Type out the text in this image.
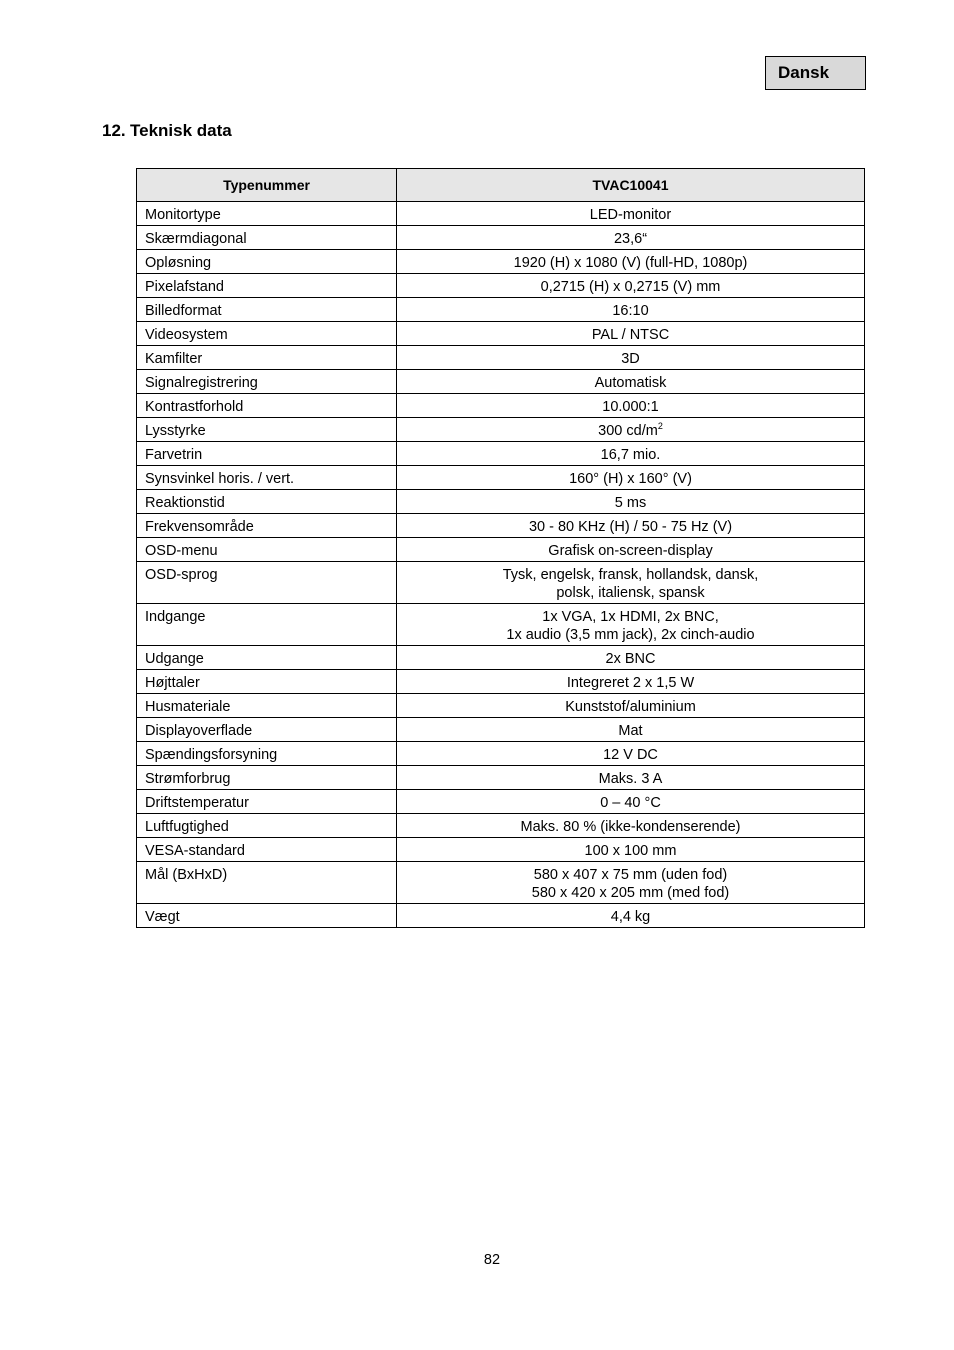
Dansk
12. Teknisk data
Typenummer	TVAC10041
Monitortype	LED-monitor

Skærmdiagonal	23,6“

Opløsning	1920 (H) x 1080 (V) (full-HD, 1080p)

Pixelafstand	0,2715 (H) x 0,2715 (V) mm

Billedformat	16:10

Videosystem	PAL / NTSC

Kamfilter	3D

Signalregistrering	Automatisk

Kontrastforhold	10.000:1

Lysstyrke	300 $cd/m^2$

Farvetrin	16,7 mio.

Synsvinkel horis. / vert.	160° (H) x 160° (V)

Reaktionstid	5 ms

Frekvensområde	30 - 80 KHz (H) / 50 - 75 Hz (V)

OSD-menu	Grafisk on-screen-display

OSD-sprog	Tysk, engelsk, fransk, hollandsk, dansk,
polsk, italiensk, spansk

Indgange	1x VGA, 1x HDMI, 2x BNC,
1x audio (3,5 mm jack), 2x cinch-audio

Udgange	2x BNC

Højttaler	Integreret 2 x 1,5 W

Husmateriale	Kunststof/aluminium

Displayoverflade	Mat

Spændingsforsyning	12 V DC

Strømforbrug	Maks. 3 A

Driftstemperatur	0 – 40 °C

Luftfugtighed	Maks. 80 % (ikke-kondenserende)

VESA-standard	100 x 100 mm

Mål (BxHxD)	580 x 407 x 75 mm (uden fod)
580 x 420 x 205 mm (med fod)

Vægt	4,4 kg
82
